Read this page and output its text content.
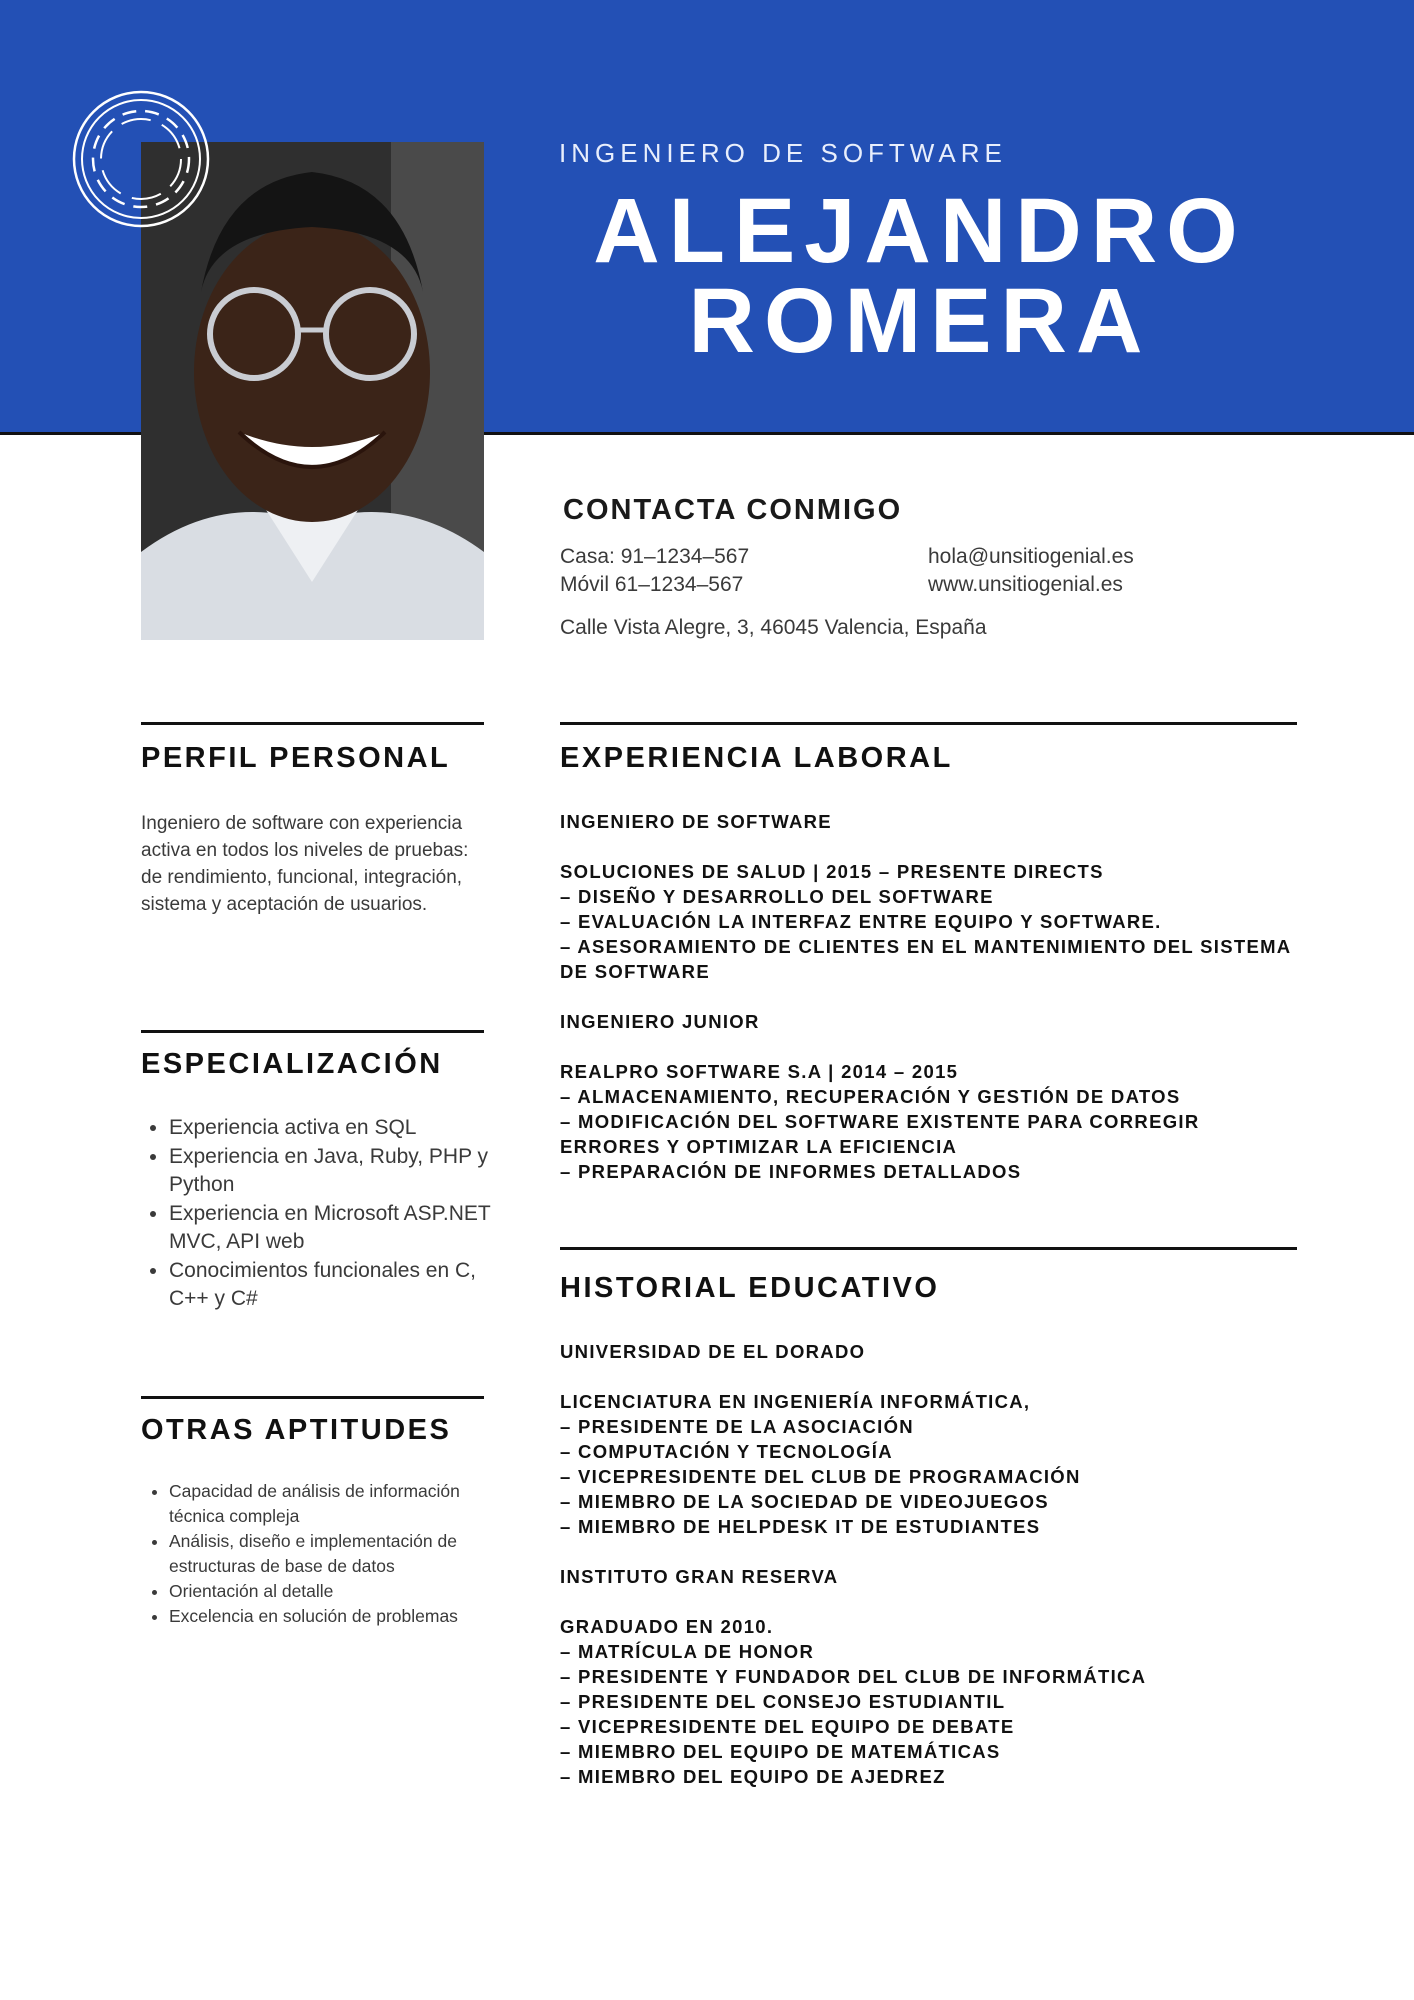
INGENIERO DE SOFTWARE
ALEJANDRO
ROMERA
CONTACTA CONMIGO
Casa: 91–1234–567
Móvil 61–1234–567
hola@unsitiogenial.es
www.unsitiogenial.es
Calle Vista Alegre, 3, 46045 Valencia, España
PERFIL PERSONAL
Ingeniero de software con experiencia activa en todos los niveles de pruebas: de rendimiento, funcional, integración, sistema y aceptación de usuarios.
ESPECIALIZACIÓN
• Experiencia activa en SQL
• Experiencia en Java, Ruby, PHP y Python
• Experiencia en Microsoft ASP.NET MVC, API web
• Conocimientos funcionales en C, C++ y C#
OTRAS APTITUDES
• Capacidad de análisis de información técnica compleja
• Análisis, diseño e implementación de estructuras de base de datos
• Orientación al detalle
• Excelencia en solución de problemas
EXPERIENCIA LABORAL
INGENIERO DE SOFTWARE
SOLUCIONES DE SALUD | 2015 – PRESENTE DIRECTS
– DISEÑO Y DESARROLLO DEL SOFTWARE
– EVALUACIÓN LA INTERFAZ ENTRE EQUIPO Y SOFTWARE.
– ASESORAMIENTO DE CLIENTES EN EL MANTENIMIENTO DEL SISTEMA DE SOFTWARE
INGENIERO JUNIOR
REALPRO SOFTWARE S.A | 2014 – 2015
– ALMACENAMIENTO, RECUPERACIÓN Y GESTIÓN DE DATOS
– MODIFICACIÓN DEL SOFTWARE EXISTENTE PARA CORREGIR ERRORES Y OPTIMIZAR LA EFICIENCIA
– PREPARACIÓN DE INFORMES DETALLADOS
HISTORIAL EDUCATIVO
UNIVERSIDAD DE EL DORADO
LICENCIATURA EN INGENIERÍA INFORMÁTICA,
– PRESIDENTE DE LA ASOCIACIÓN
– COMPUTACIÓN Y TECNOLOGÍA
– VICEPRESIDENTE DEL CLUB DE PROGRAMACIÓN
– MIEMBRO DE LA SOCIEDAD DE VIDEOJUEGOS
– MIEMBRO DE HELPDESK IT DE ESTUDIANTES
INSTITUTO GRAN RESERVA
GRADUADO EN 2010.
– MATRÍCULA DE HONOR
– PRESIDENTE Y FUNDADOR DEL CLUB DE INFORMÁTICA
– PRESIDENTE DEL CONSEJO ESTUDIANTIL
– VICEPRESIDENTE DEL EQUIPO DE DEBATE
– MIEMBRO DEL EQUIPO DE MATEMÁTICAS
– MIEMBRO DEL EQUIPO DE AJEDREZ
